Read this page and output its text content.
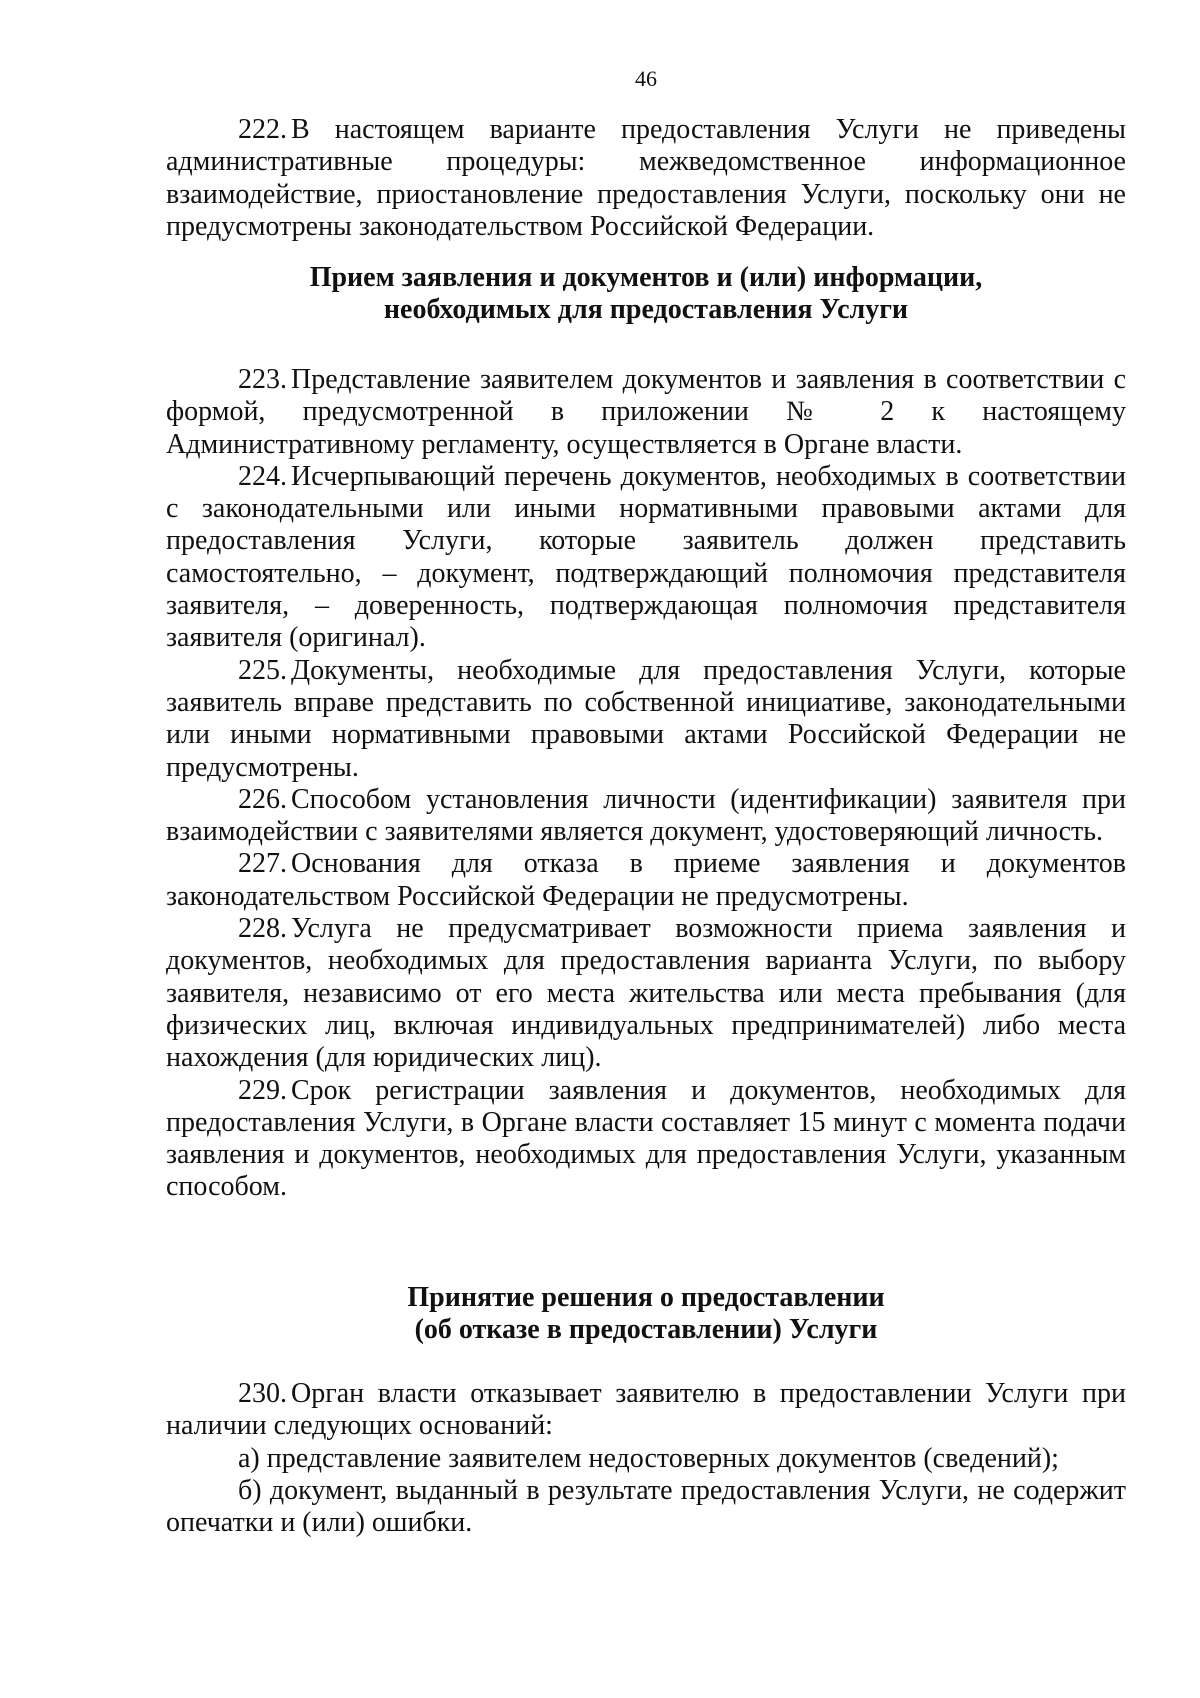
46

222. В настоящем варианте предоставления Услуги не приведены административные процедуры: межведомственное информационное взаимодействие, приостановление предоставления Услуги, поскольку они не предусмотрены законодательством Российской Федерации.

Прием заявления и документов и (или) информации,

необходимых для предоставления Услуги

223. Представление заявителем документов и заявления в соответствии с формой, предусмотренной в приложении № 2 к настоящему Административному регламенту, осуществляется в Органе власти.

224. Исчерпывающий перечень документов, необходимых в соответствии с законодательными или иными нормативными правовыми актами для предоставления Услуги, которые заявитель должен представить самостоятельно, – документ, подтверждающий полномочия представителя заявителя, – доверенность, подтверждающая полномочия представителя заявителя (оригинал).

225. Документы, необходимые для предоставления Услуги, которые заявитель вправе представить по собственной инициативе, законодательными или иными нормативными правовыми актами Российской Федерации не предусмотрены.

226. Способом установления личности (идентификации) заявителя при взаимодействии с заявителями является документ, удостоверяющий личность.

227. Основания для отказа в приеме заявления и документов законодательством Российской Федерации не предусмотрены.

228. Услуга не предусматривает возможности приема заявления и документов, необходимых для предоставления варианта Услуги, по выбору заявителя, независимо от его места жительства или места пребывания (для физических лиц, включая индивидуальных предпринимателей) либо места нахождения (для юридических лиц).

229. Срок регистрации заявления и документов, необходимых для предоставления Услуги, в Органе власти составляет 15 минут с момента подачи заявления и документов, необходимых для предоставления Услуги, указанным способом.

Принятие решения о предоставлении

(об отказе в предоставлении) Услуги

230. Орган власти отказывает заявителю в предоставлении Услуги при наличии следующих оснований:

а) представление заявителем недостоверных документов (сведений);

б) документ, выданный в результате предоставления Услуги, не содержит опечатки и (или) ошибки.
